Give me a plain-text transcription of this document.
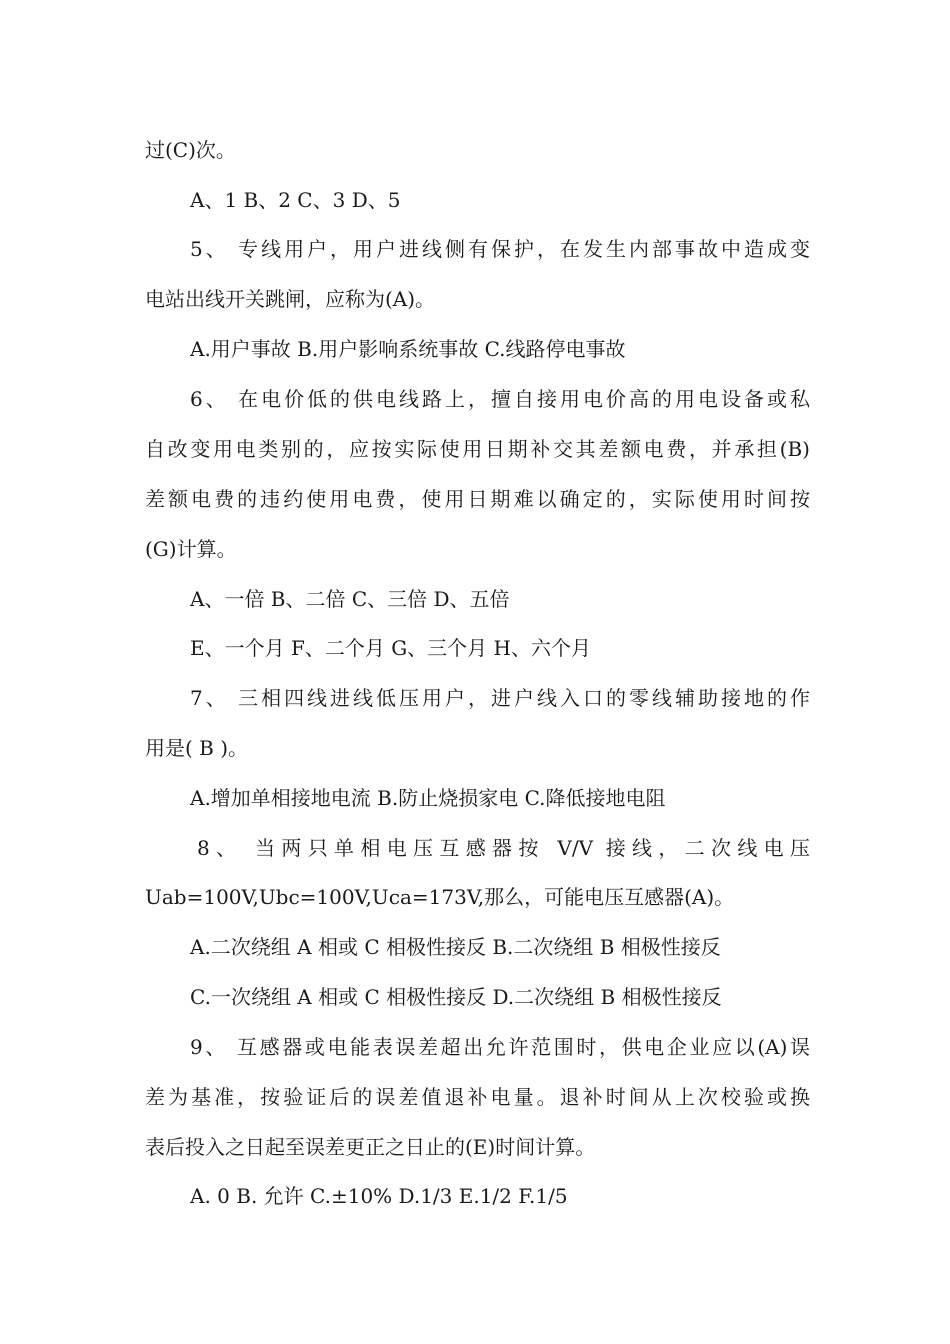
过(C)次。
A、1 B、2 C、3 D、5
5、 专线用户，用户进线侧有保护，在发生内部事故中造成变
电站出线开关跳闸，应称为(A)。
A.用户事故 B.用户影响系统事故 C.线路停电事故
6、 在电价低的供电线路上，擅自接用电价高的用电设备或私
自改变用电类别的，应按实际使用日期补交其差额电费，并承担(B)
差额电费的违约使用电费，使用日期难以确定的，实际使用时间按
(G)计算。
A、一倍 B、二倍 C、三倍 D、五倍
E、一个月 F、二个月 G、三个月 H、六个月
7、 三相四线进线低压用户，进户线入口的零线辅助接地的作
用是( B )。
A.增加单相接地电流 B.防止烧损家电 C.降低接地电阻
8、 当两只单相电压互感器按 V/V 接线，二次线电压
Uab=100V,Ubc=100V,Uca=173V,那么，可能电压互感器(A)。
A.二次绕组 A 相或 C 相极性接反 B.二次绕组 B 相极性接反
C.一次绕组 A 相或 C 相极性接反 D.二次绕组 B 相极性接反
9、 互感器或电能表误差超出允许范围时，供电企业应以(A)误
差为基准，按验证后的误差值退补电量。退补时间从上次校验或换
表后投入之日起至误差更正之日止的(E)时间计算。
A. 0 B. 允许 C.±10% D.1/3 E.1/2 F.1/5
